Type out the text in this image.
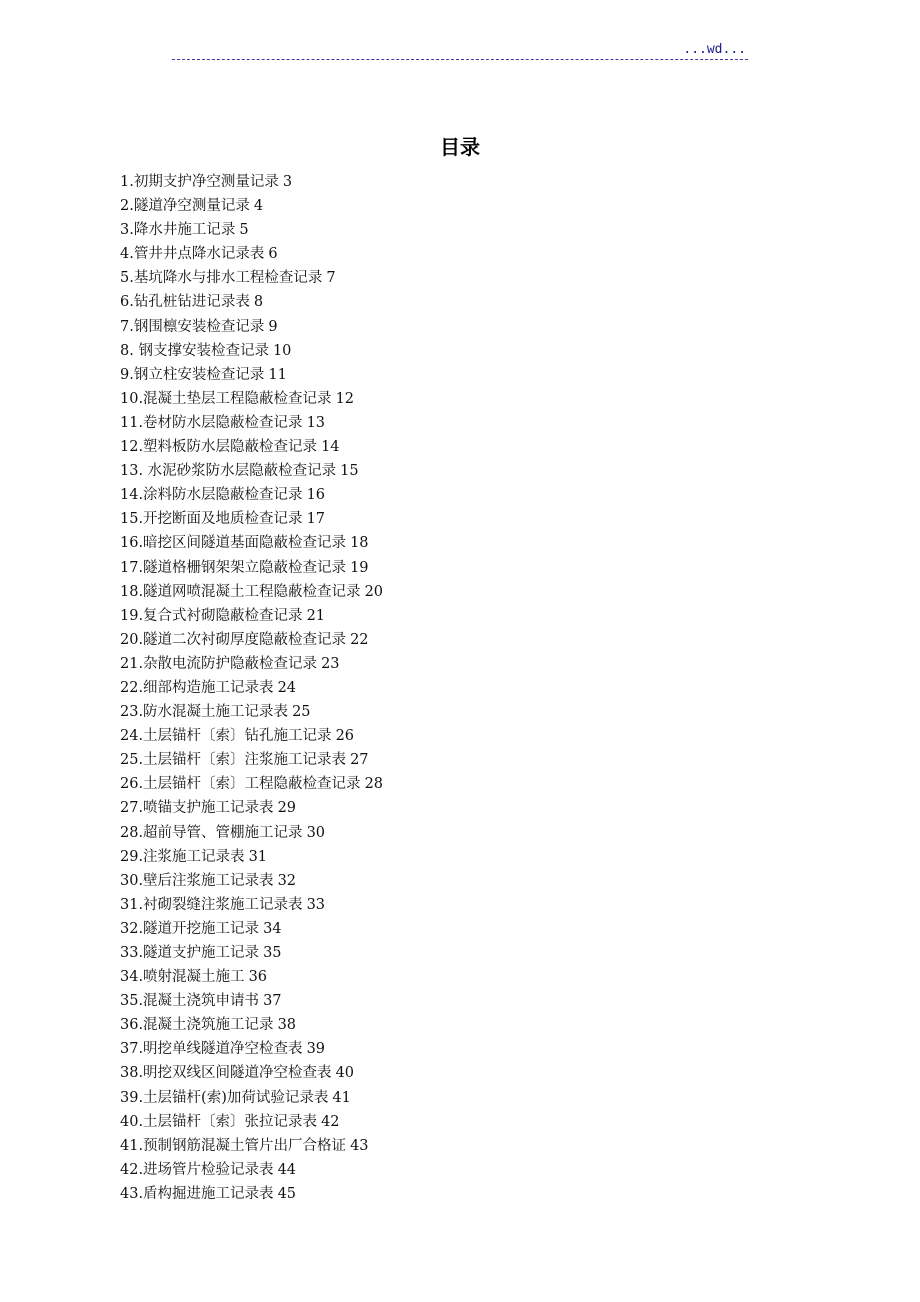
...wd...
目录
1.初期支护净空测量记录 3
2.隧道净空测量记录 4
3.降水井施工记录 5
4.管井井点降水记录表 6
5.基坑降水与排水工程检查记录 7
6.钻孔桩钻进记录表 8
7.钢围檩安装检查记录 9
8. 钢支撑安装检查记录 10
9.钢立柱安装检查记录 11
10.混凝土垫层工程隐蔽检查记录 12
11.卷材防水层隐蔽检查记录 13
12.塑料板防水层隐蔽检查记录 14
13. 水泥砂浆防水层隐蔽检查记录 15
14.涂料防水层隐蔽检查记录 16
15.开挖断面及地质检查记录 17
16.暗挖区间隧道基面隐蔽检查记录 18
17.隧道格栅钢架架立隐蔽检查记录 19
18.隧道网喷混凝土工程隐蔽检查记录 20
19.复合式衬砌隐蔽检查记录 21
20.隧道二次衬砌厚度隐蔽检查记录 22
21.杂散电流防护隐蔽检查记录 23
22.细部构造施工记录表 24
23.防水混凝土施工记录表 25
24.土层锚杆〔索〕钻孔施工记录 26
25.土层锚杆〔索〕注浆施工记录表 27
26.土层锚杆〔索〕工程隐蔽检查记录 28
27.喷锚支护施工记录表 29
28.超前导管、管棚施工记录 30
29.注浆施工记录表 31
30.壁后注浆施工记录表 32
31.衬砌裂缝注浆施工记录表 33
32.隧道开挖施工记录 34
33.隧道支护施工记录 35
34.喷射混凝土施工 36
35.混凝土浇筑申请书 37
36.混凝土浇筑施工记录 38
37.明挖单线隧道净空检查表 39
38.明挖双线区间隧道净空检查表 40
39.土层锚杆(索)加荷试验记录表 41
40.土层锚杆〔索〕张拉记录表 42
41.预制钢筋混凝土管片出厂合格证 43
42.进场管片检验记录表 44
43.盾构掘进施工记录表 45
